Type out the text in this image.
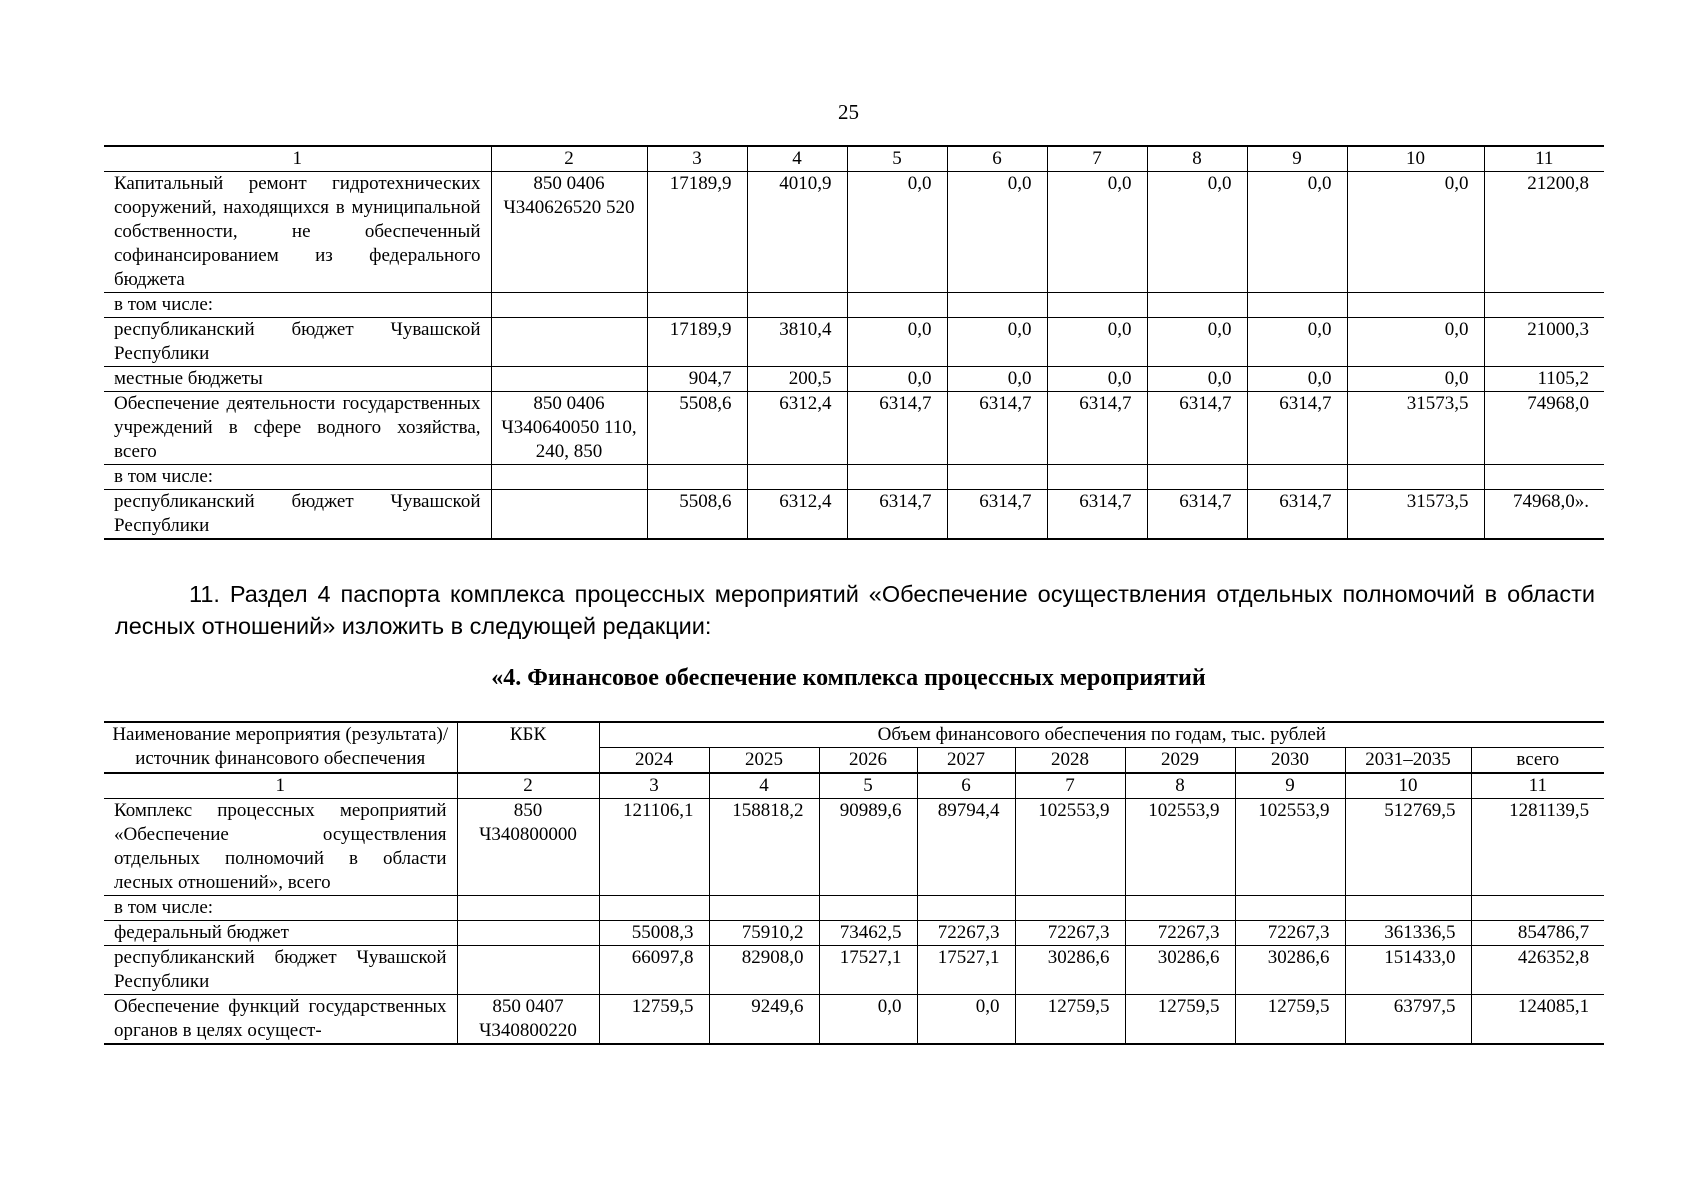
25
1	2	3	4	5	6	7	8	9	10	11
Капитальный ремонт гидротехнических сооружений, находящихся в муниципальной собственности, не обеспеченный софинансированием из федерального бюджета	850 0406 Ч340626520 520	17189,9	4010,9	0,0	0,0	0,0	0,0	0,0	0,0	21200,8
в том числе:										
республиканский бюджет Чувашской Республики		17189,9	3810,4	0,0	0,0	0,0	0,0	0,0	0,0	21000,3
местные бюджеты		904,7	200,5	0,0	0,0	0,0	0,0	0,0	0,0	1105,2
Обеспечение деятельности государственных учреждений в сфере водного хозяйства, всего	850 0406 Ч340640050 110, 240, 850	5508,6	6312,4	6314,7	6314,7	6314,7	6314,7	6314,7	31573,5	74968,0
в том числе:										
республиканский бюджет Чувашской Республики		5508,6	6312,4	6314,7	6314,7	6314,7	6314,7	6314,7	31573,5	74968,0».
11. Раздел 4 паспорта комплекса процессных мероприятий «Обеспечение осуществления отдельных полномочий в области лесных отношений» изложить в следующей редакции:
«4. Финансовое обеспечение комплекса процессных мероприятий
Наименование мероприятия (результата)/источник финансового обеспечения	КБК	Объем финансового обеспечения по годам, тыс. рублей								
		2024	2025	2026	2027	2028	2029	2030	2031–2035	всего
1	2	3	4	5	6	7	8	9	10	11
Комплекс процессных мероприятий «Обеспечение осуществления отдельных полномочий в области лесных отношений», всего	850 Ч340800000	121106,1	158818,2	90989,6	89794,4	102553,9	102553,9	102553,9	512769,5	1281139,5
в том числе:										
федеральный бюджет		55008,3	75910,2	73462,5	72267,3	72267,3	72267,3	72267,3	361336,5	854786,7
республиканский бюджет Чувашской Республики		66097,8	82908,0	17527,1	17527,1	30286,6	30286,6	30286,6	151433,0	426352,8
Обеспечение функций государственных органов в целях осущест-	850 0407 Ч340800220	12759,5	9249,6	0,0	0,0	12759,5	12759,5	12759,5	63797,5	124085,1
